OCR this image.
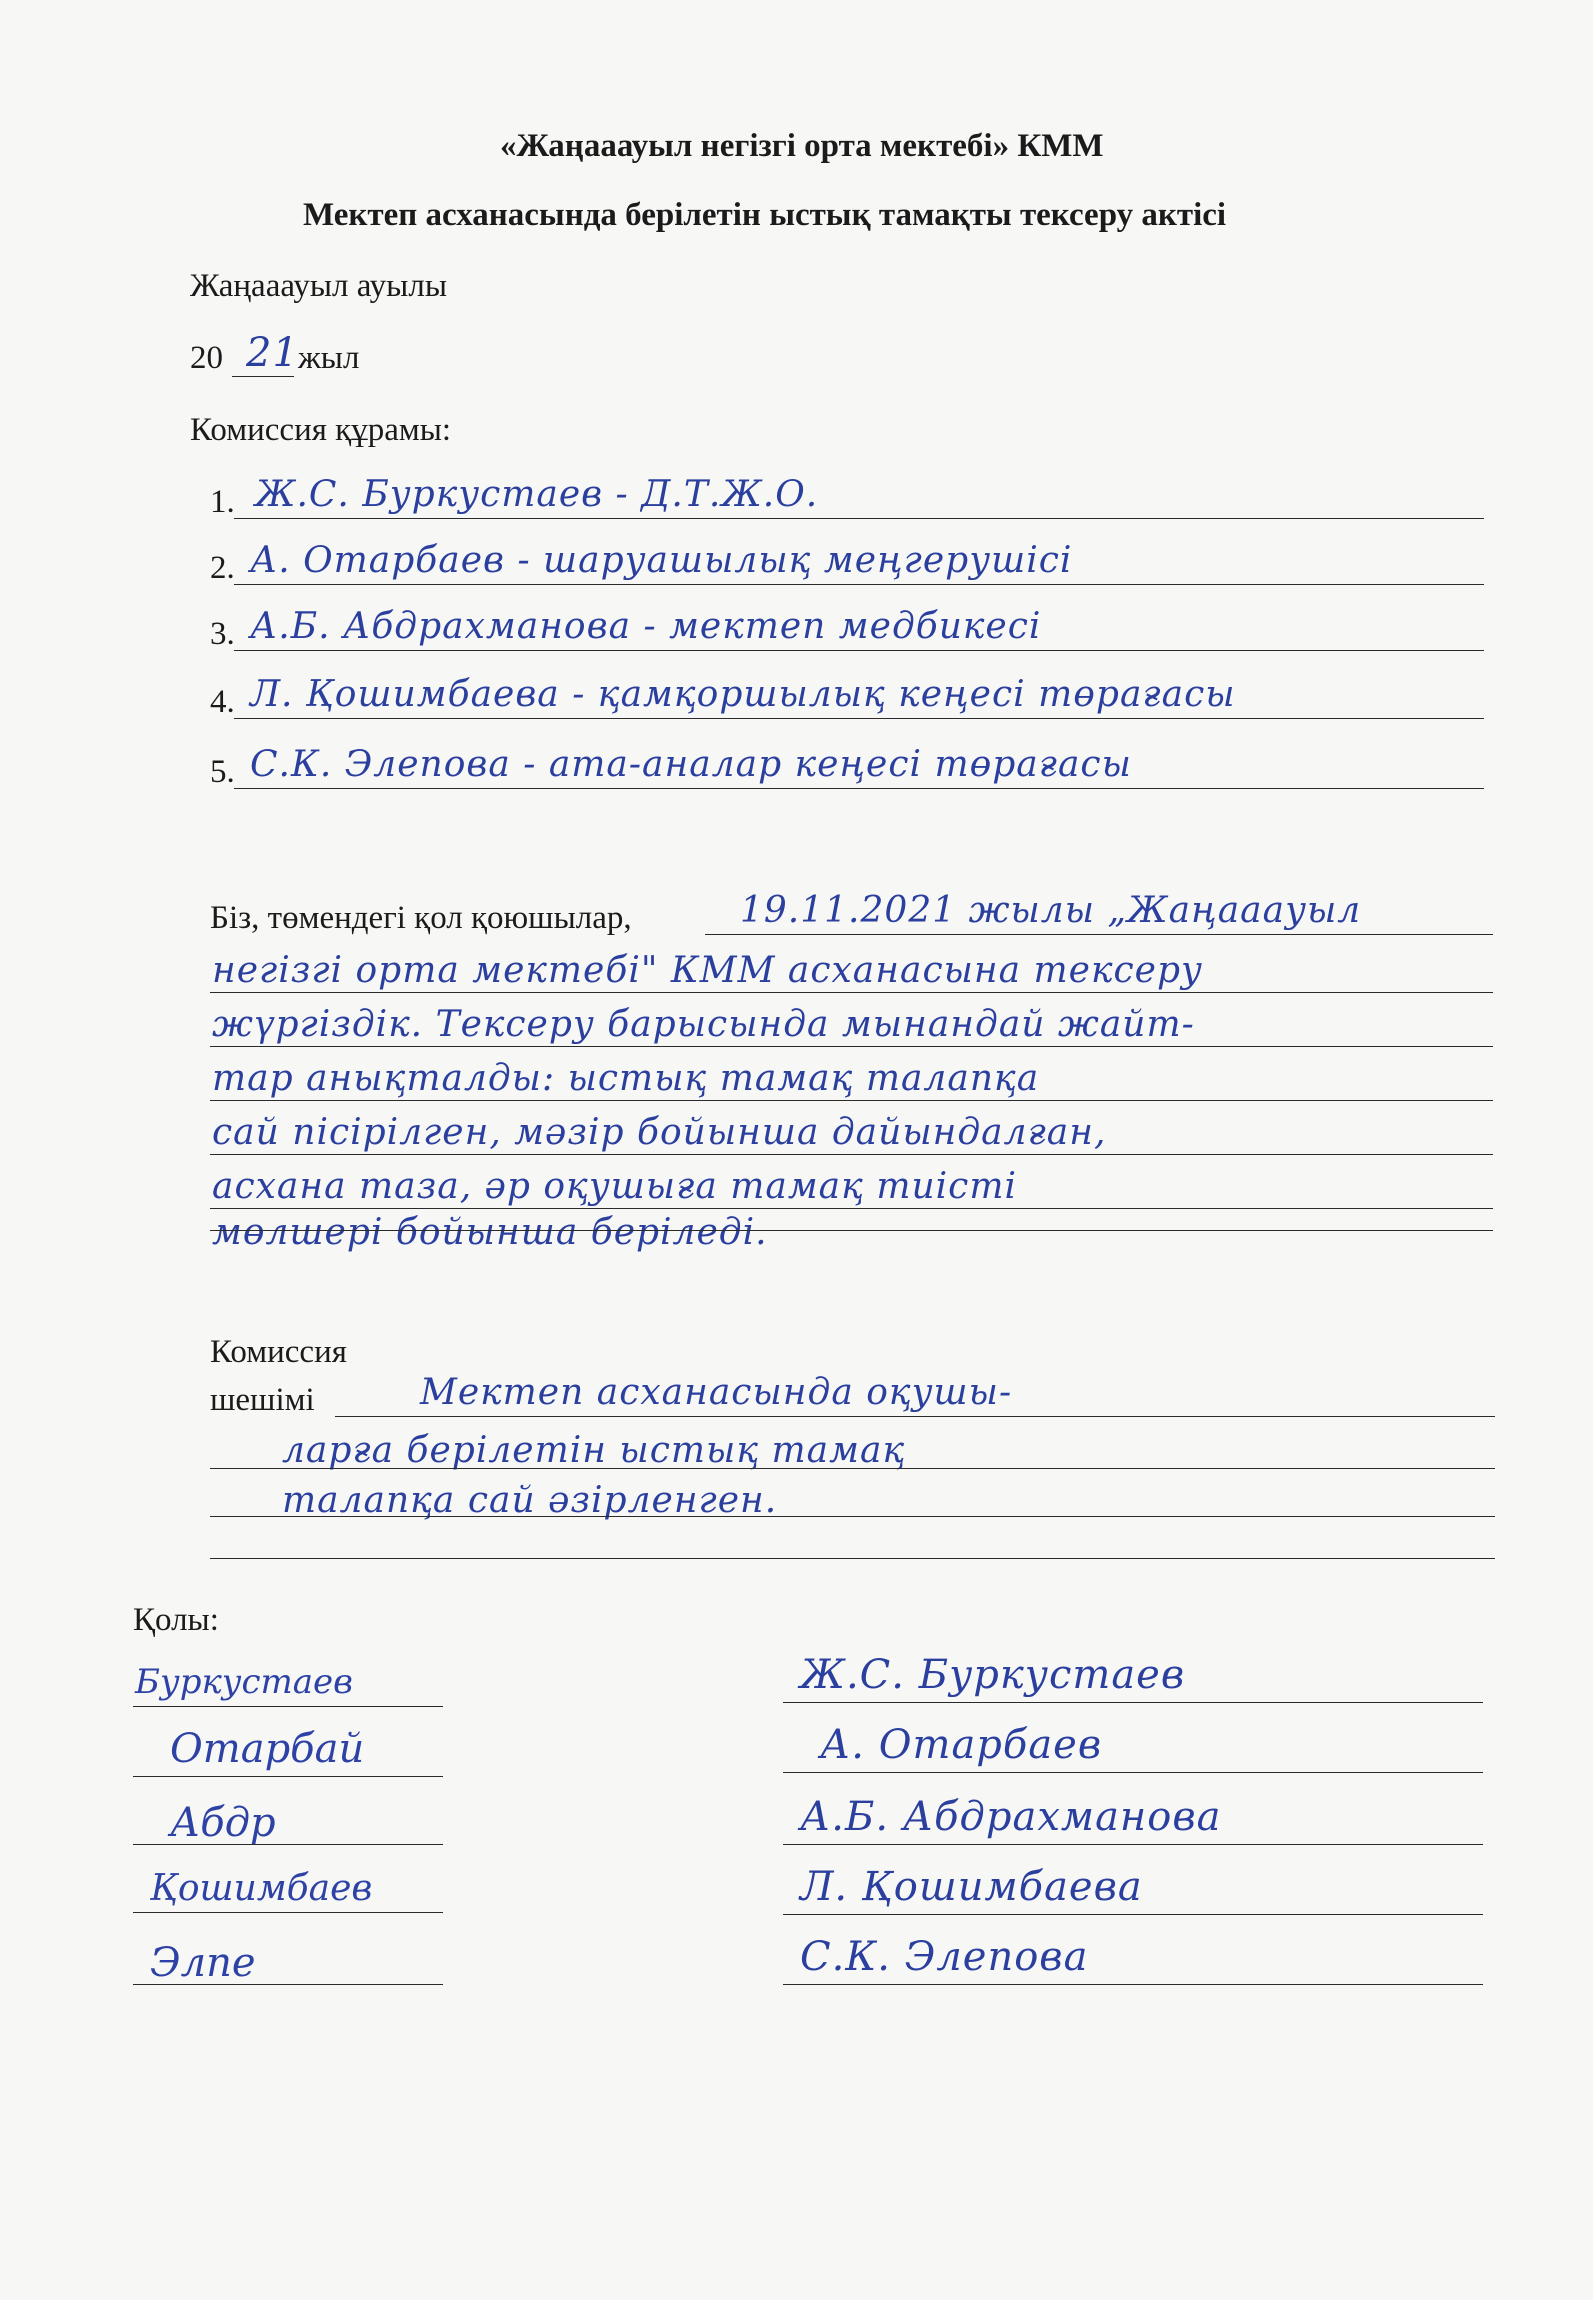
«Жаңааауыл негізгі орта мектебі» КММ
Мектеп асханасында берілетін ыстық тамақты тексеру актісі
Жаңааауыл ауылы
20 21 жыл
Комиссия құрамы:
1. Ж.С. Буркустаев - Д.Т.Ж.О.
2. А. Отарбаев - шаруашылық меңгерушісі
3. А.Б. Абдрахманова - мектеп медбикесі
4. Л. Қошимбаева - қамқоршылық кеңесі төрағасы
5. С.К. Элепова - ата-аналар кеңесі төрағасы
Біз, төмендегі қол қоюшылар,	19.11.2021 жылы „Жаңааауыл
негізгі орта мектебі" КММ асханасына тексеру
жүргіздік. Тексеру барысында мынандай жайт-
тар анықталды: ыстық тамақ талапқа
сай пісірілген, мәзір бойынша дайындалған,
асхана таза, әр оқушыға тамақ тиісті
мөлшері бойынша беріледі.
Комиссия
шешімі	Мектеп асханасында оқушы-
ларға берілетін ыстық тамақ
талапқа сай әзірленген.
Қолы:
Буркустаев
Отарбай
Абдр
Қошимбаев
Элпе
Ж.С. Буркустаев
А. Отарбаев
А.Б. Абдрахманова
Л. Қошимбаева
С.К. Элепова
